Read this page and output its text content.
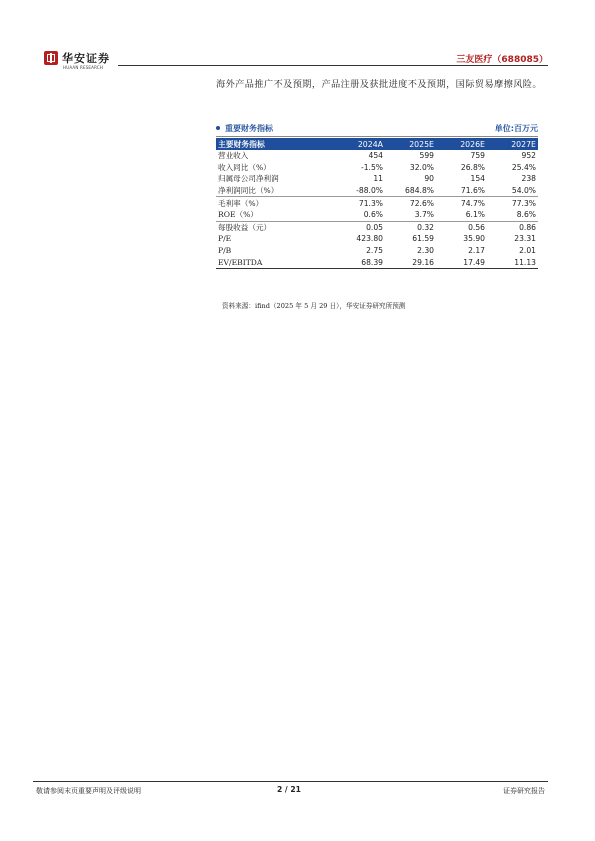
华安证券
HUAAN RESEARCH
三友医疗（688085）
海外产品推广不及预期，产品注册及获批进度不及预期，国际贸易摩擦风险。
重要财务指标	单位:百万元
主要财务指标	2024A	2025E	2026E	2027E
营业收入	454	599	759	952
收入同比（%）	-1.5%	32.0%	26.8%	25.4%
归属母公司净利润	11	90	154	238
净利润同比（%）	-88.0%	684.8%	71.6%	54.0%
毛利率（%）	71.3%	72.6%	74.7%	77.3%
ROE（%）	0.6%	3.7%	6.1%	8.6%
每股收益（元）	0.05	0.32	0.56	0.86
P/E	423.80	61.59	35.90	23.31
P/B	2.75	2.30	2.17	2.01
EV/EBITDA	68.39	29.16	17.49	11.13
资料来源：ifind（2025 年 5 月 29 日），华安证券研究所预测
敬请参阅末页重要声明及评级说明	2 / 21	证券研究报告
